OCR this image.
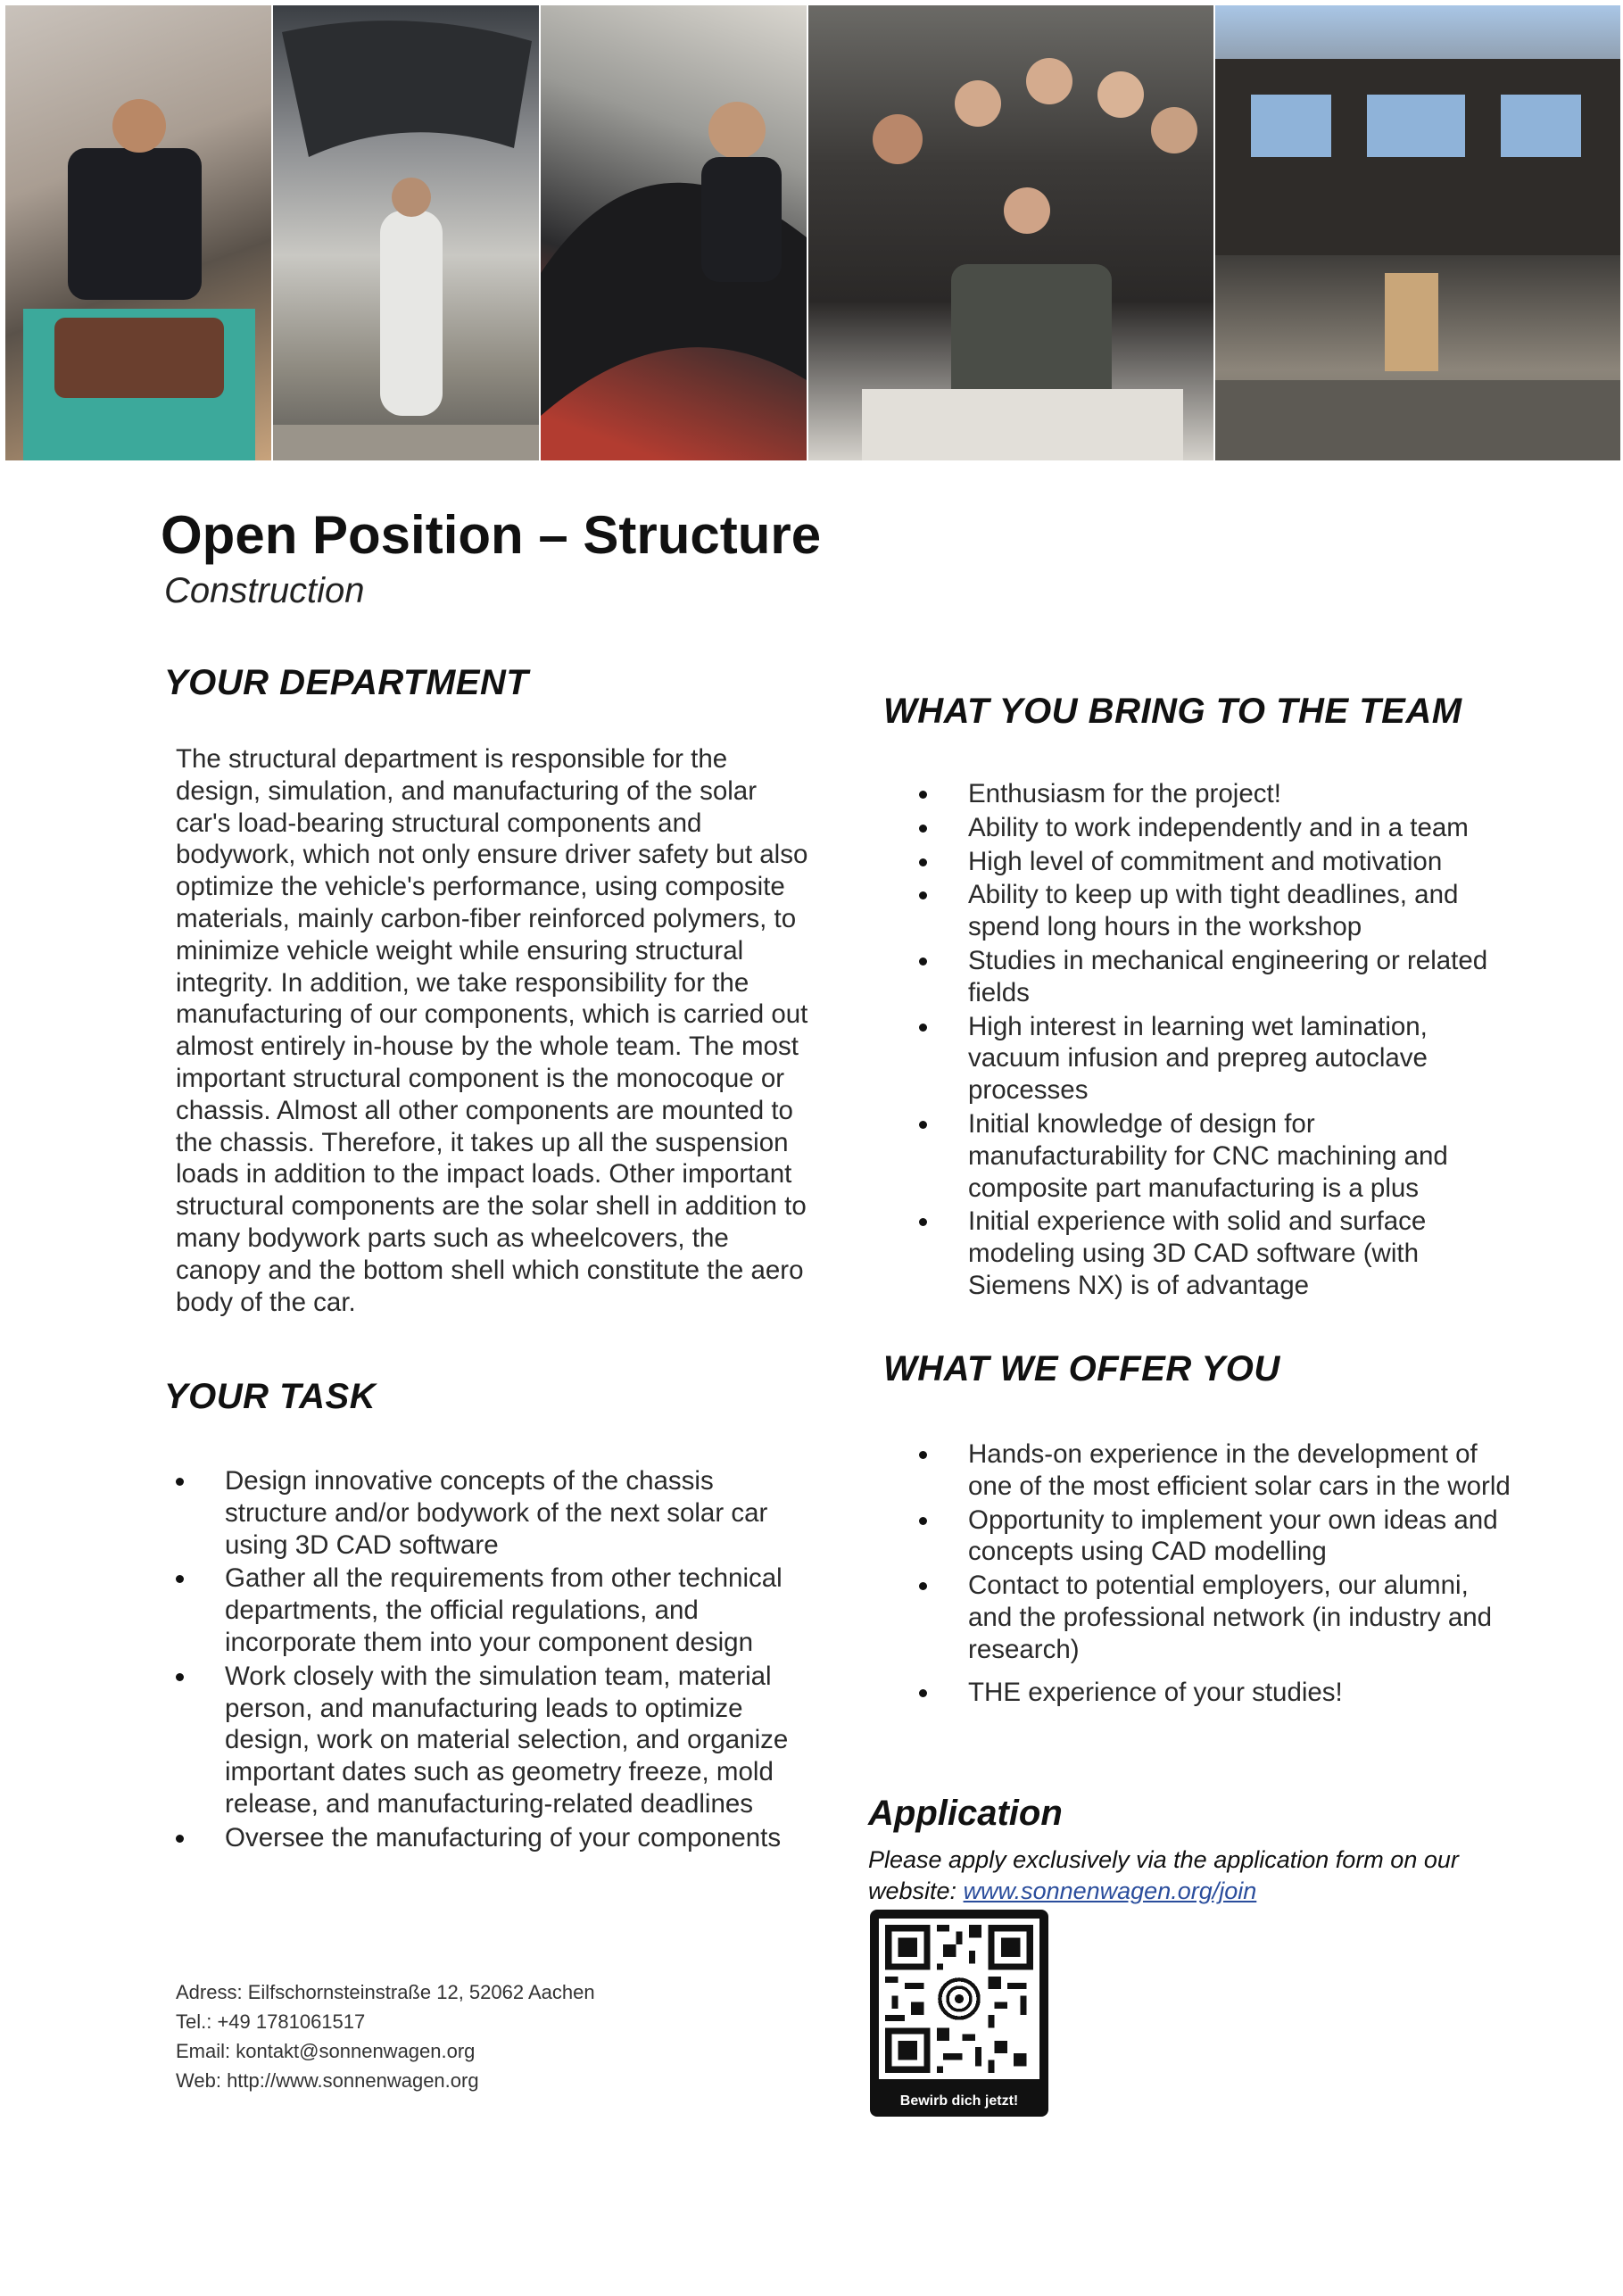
Open Position – Structure
Construction
YOUR DEPARTMENT

The structural department is responsible for the design, simulation, and manufacturing of the solar car's load-bearing structural components and bodywork, which not only ensure driver safety but also optimize the vehicle's performance, using composite materials, mainly carbon-fiber reinforced polymers, to minimize vehicle weight while ensuring structural integrity. In addition, we take responsibility for the manufacturing of our components, which is carried out almost entirely in-house by the whole team. The most important structural component is the monocoque or chassis. Almost all other components are mounted to the chassis. Therefore, it takes up all the suspension loads in addition to the impact loads. Other important structural components are the solar shell in addition to many bodywork parts such as wheelcovers, the canopy and the bottom shell which constitute the aero body of the car.

YOUR TASK
Design innovative concepts of the chassis structure and/or bodywork of the next solar car using 3D CAD software
Gather all the requirements from other technical departments, the official regulations, and incorporate them into your component design
Work closely with the simulation team, material person, and manufacturing leads to optimize design, work on material selection, and organize important dates such as geometry freeze, mold release, and manufacturing-related deadlines
Oversee the manufacturing of your components
Adress: Eilfschornsteinstraße 12, 52062 Aachen
Tel.: +49 1781061517
Email: kontakt@sonnenwagen.org
Web: http://www.sonnenwagen.org
WHAT YOU BRING TO THE TEAM
Enthusiasm for the project!
Ability to work independently and in a team
High level of commitment and motivation
Ability to keep up with tight deadlines, and spend long hours in the workshop
Studies in mechanical engineering or related fields
High interest in learning wet lamination, vacuum infusion and prepreg autoclave processes
Initial knowledge of design for manufacturability for CNC machining and composite part manufacturing is a plus
Initial experience with solid and surface modeling using 3D CAD software (with Siemens NX) is of advantage
WHAT WE OFFER YOU
Hands-on experience in the development of one of the most efficient solar cars in the world
Opportunity to implement your own ideas and concepts using CAD modelling
Contact to potential employers, our alumni, and the professional network (in industry and research)
THE experience of your studies!
Application

Please apply exclusively via the application form on our website: www.sonnenwagen.org/join

Bewirb dich jetzt!
